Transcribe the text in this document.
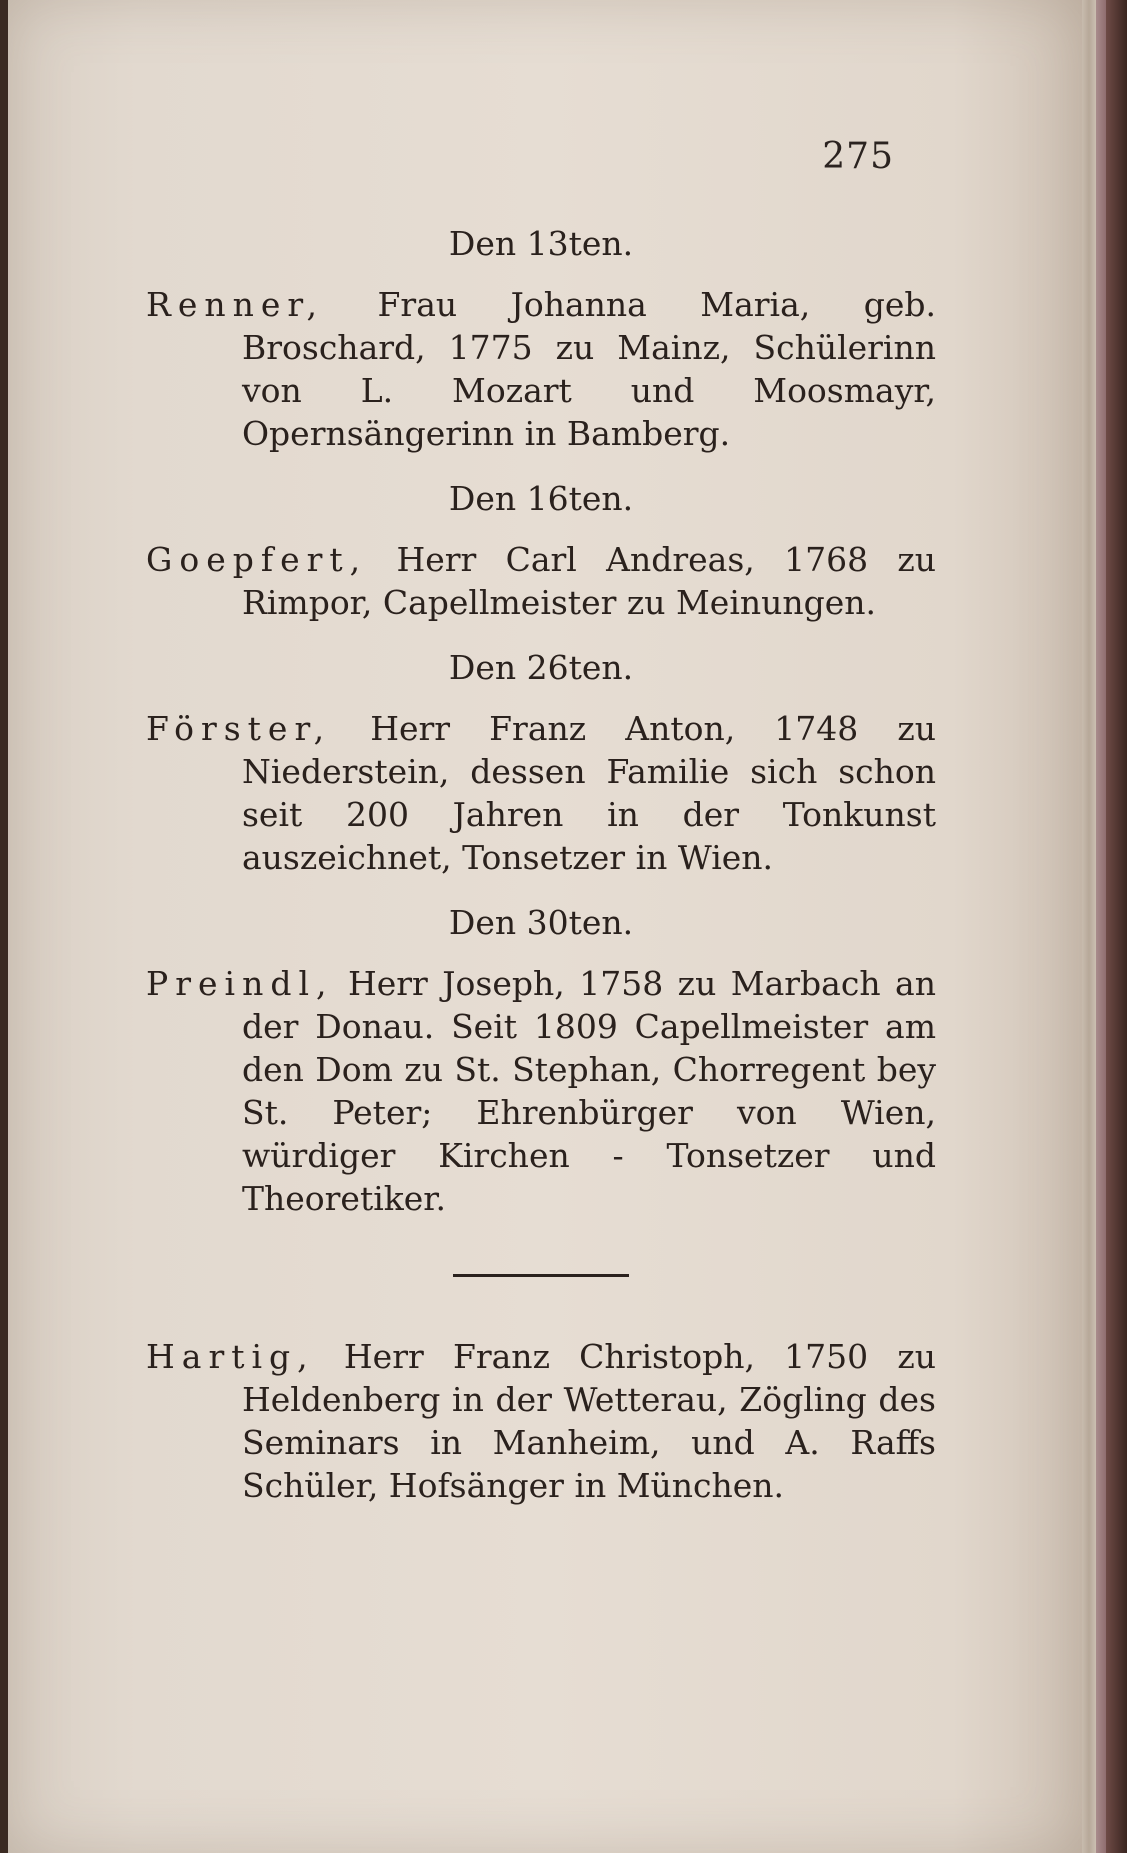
275
Den 13ten.

Renner, Frau Johanna Maria, geb. Broschard, 1775 zu Mainz, Schülerinn von L. Mozart und Moosmayr, Opernsängerinn in Bamberg.

Den 16ten.

Goepfert, Herr Carl Andreas, 1768 zu Rimpor, Capellmeister zu Meinungen.

Den 26ten.

Förster, Herr Franz Anton, 1748 zu Niederstein, dessen Familie sich schon seit 200 Jahren in der Tonkunst auszeichnet, Tonsetzer in Wien.

Den 30ten.

Preindl, Herr Joseph, 1758 zu Marbach an der Donau. Seit 1809 Capellmeister am den Dom zu St. Stephan, Chorregent bey St. Peter; Ehrenbürger von Wien, würdiger Kirchen - Tonsetzer und Theoretiker.

Hartig, Herr Franz Christoph, 1750 zu Heldenberg in der Wetterau, Zögling des Seminars in Manheim, und A. Raffs Schüler, Hofsänger in München.
